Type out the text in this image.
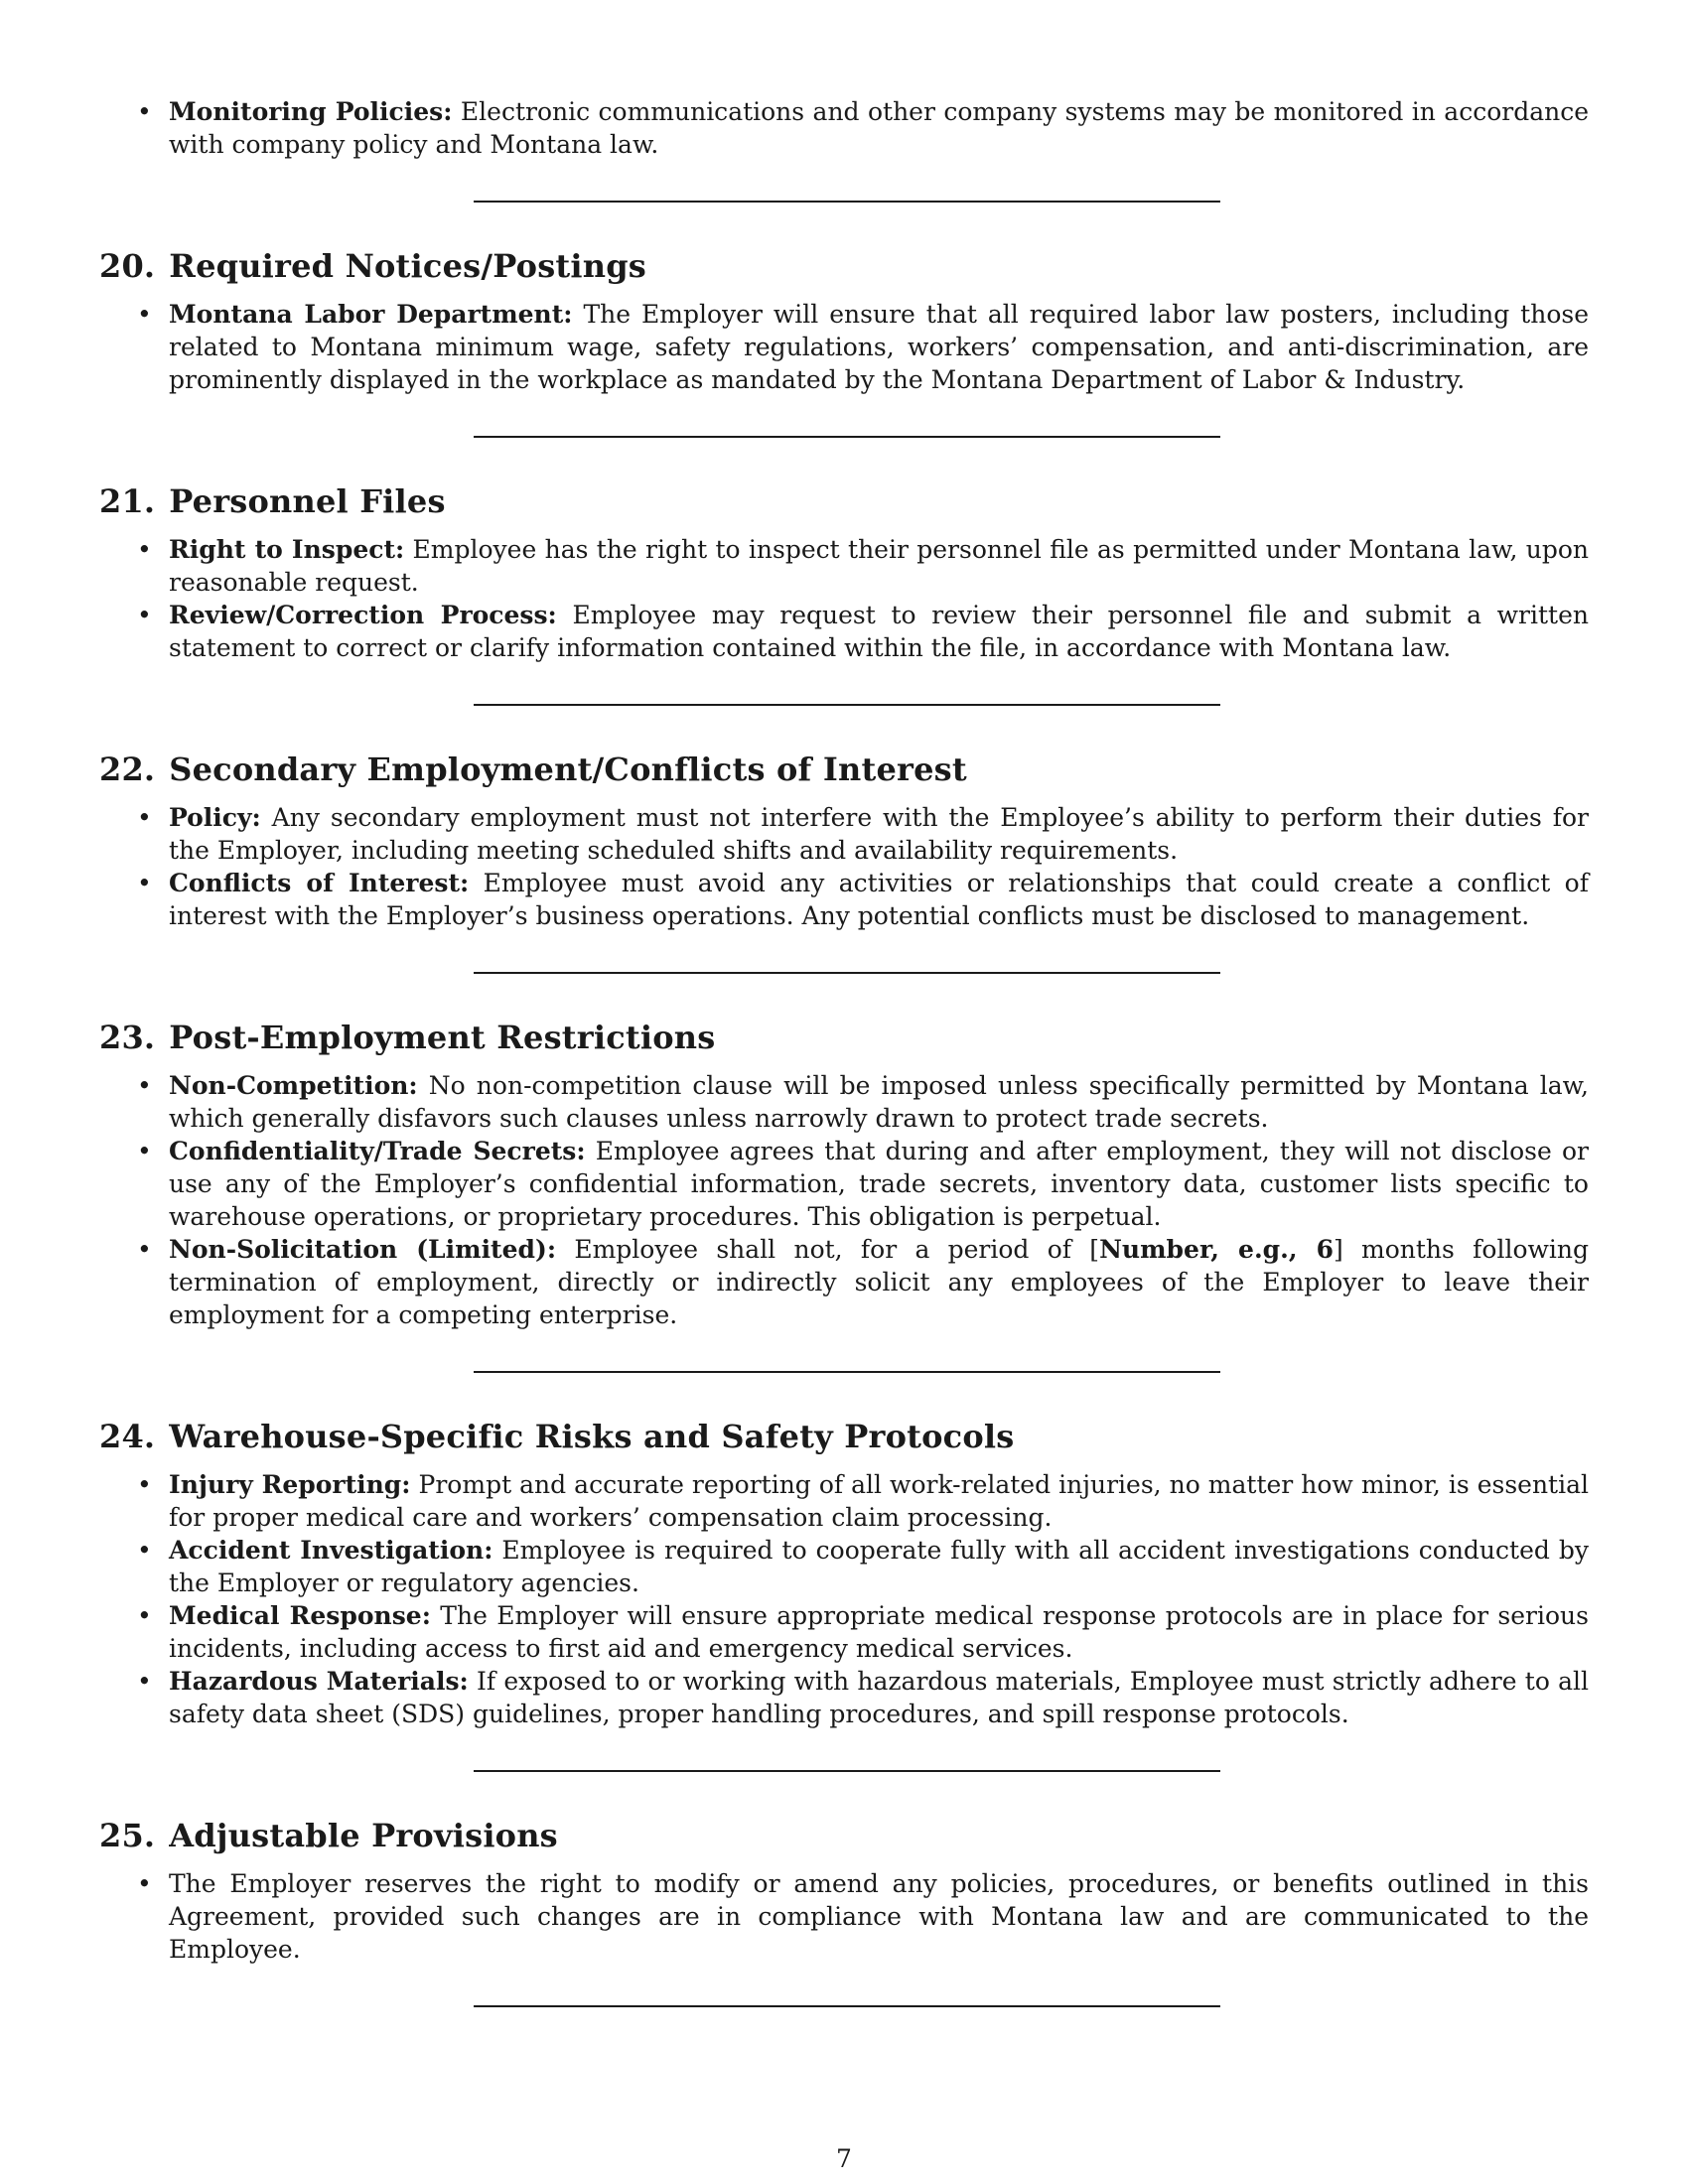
• Monitoring Policies: Electronic communications and other company systems may be monitored in accordance with company policy and Montana law.
20. Required Notices/Postings
• Montana Labor Department: The Employer will ensure that all required labor law posters, including those related to Montana minimum wage, safety regulations, workers’ compensation, and anti-discrimination, are prominently displayed in the workplace as mandated by the Montana Department of Labor & Industry.
21. Personnel Files
• Right to Inspect: Employee has the right to inspect their personnel file as permitted under Montana law, upon reasonable request.
• Review/Correction Process: Employee may request to review their personnel file and submit a written statement to correct or clarify information contained within the file, in accordance with Montana law.
22. Secondary Employment/Conflicts of Interest
• Policy: Any secondary employment must not interfere with the Employee’s ability to perform their duties for the Employer, including meeting scheduled shifts and availability requirements.
• Conflicts of Interest: Employee must avoid any activities or relationships that could create a conflict of interest with the Employer’s business operations. Any potential conflicts must be disclosed to management.
23. Post-Employment Restrictions
• Non-Competition: No non-competition clause will be imposed unless specifically permitted by Montana law, which generally disfavors such clauses unless narrowly drawn to protect trade secrets.
• Confidentiality/Trade Secrets: Employee agrees that during and after employment, they will not disclose or use any of the Employer’s confidential information, trade secrets, inventory data, customer lists specific to warehouse operations, or proprietary procedures. This obligation is perpetual.
• Non-Solicitation (Limited): Employee shall not, for a period of [Number, e.g., 6] months following termination of employment, directly or indirectly solicit any employees of the Employer to leave their employment for a competing enterprise.
24. Warehouse-Specific Risks and Safety Protocols
• Injury Reporting: Prompt and accurate reporting of all work-related injuries, no matter how minor, is essential for proper medical care and workers’ compensation claim processing.
• Accident Investigation: Employee is required to cooperate fully with all accident investigations conducted by the Employer or regulatory agencies.
• Medical Response: The Employer will ensure appropriate medical response protocols are in place for serious incidents, including access to first aid and emergency medical services.
• Hazardous Materials: If exposed to or working with hazardous materials, Employee must strictly adhere to all safety data sheet (SDS) guidelines, proper handling procedures, and spill response protocols.
25. Adjustable Provisions
• The Employer reserves the right to modify or amend any policies, procedures, or benefits outlined in this Agreement, provided such changes are in compliance with Montana law and are communicated to the Employee.
7
